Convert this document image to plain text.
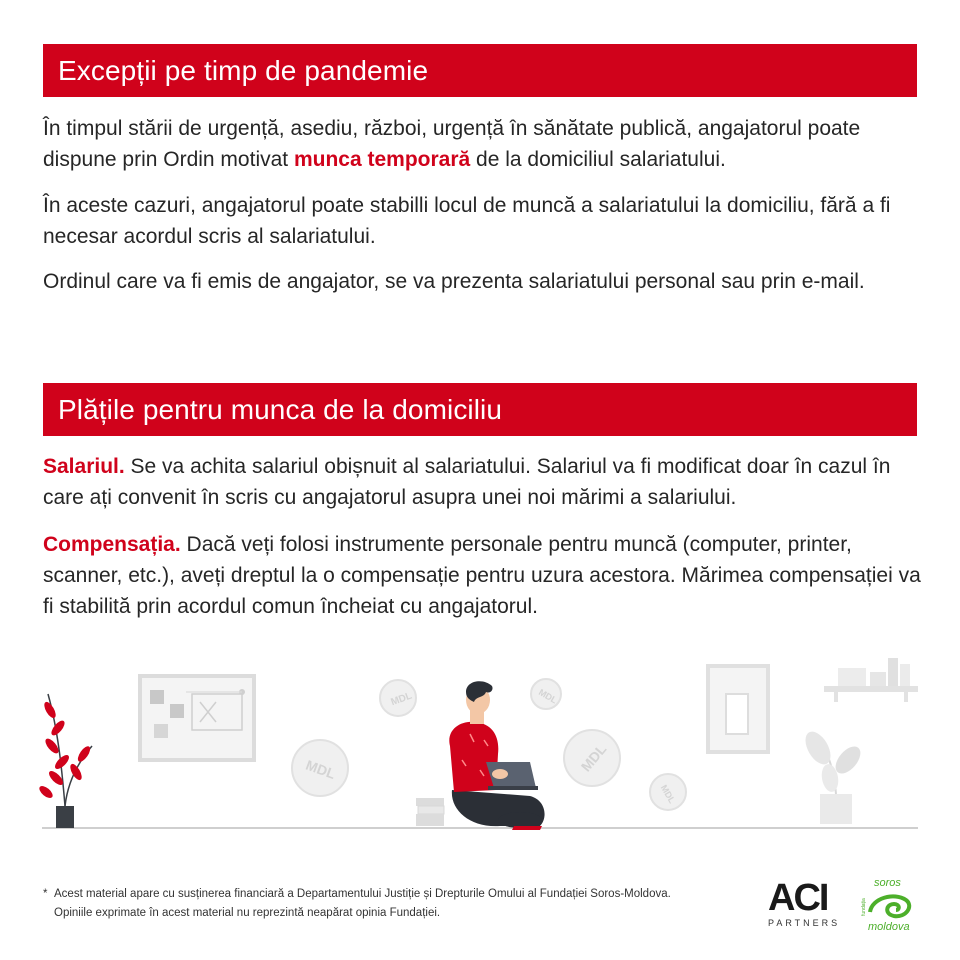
Excepții pe timp de pandemie

În timpul stării de urgență, asediu, război, urgență în sănătate publică, angajatorul poate dispune prin Ordin motivat munca temporară de la domiciliul salariatului.

În aceste cazuri, angajatorul poate stabilli locul de muncă a salariatului la domiciliu, fără a fi necesar acordul scris al salariatului.

Ordinul care va fi emis de angajator, se va prezenta salariatului personal sau prin e-mail.

Plățile pentru munca de la domiciliu

Salariul. Se va achita salariul obișnuit al salariatului. Salariul va fi modificat doar în cazul în care ați convenit în scris cu angajatorul asupra unei noi mărimi a salariului.

Compensația. Dacă veți folosi instrumente personale pentru muncă (computer, printer, scanner, etc.), aveți dreptul la o compensație pentru uzura acestora. Mărimea compensației va fi stabilită prin acordul comun încheiat cu angajatorul.

MDL
MDL
MDL
MDL
MDL
* Acest material apare cu susținerea financiară a Departamentului Justiție și Drepturile Omului al Fundației Soros-Moldova. Opiniile exprimate în acest material nu reprezintă neapărat opinia Fundației.	ACI
PARTNERS
fundația
soros
moldova
